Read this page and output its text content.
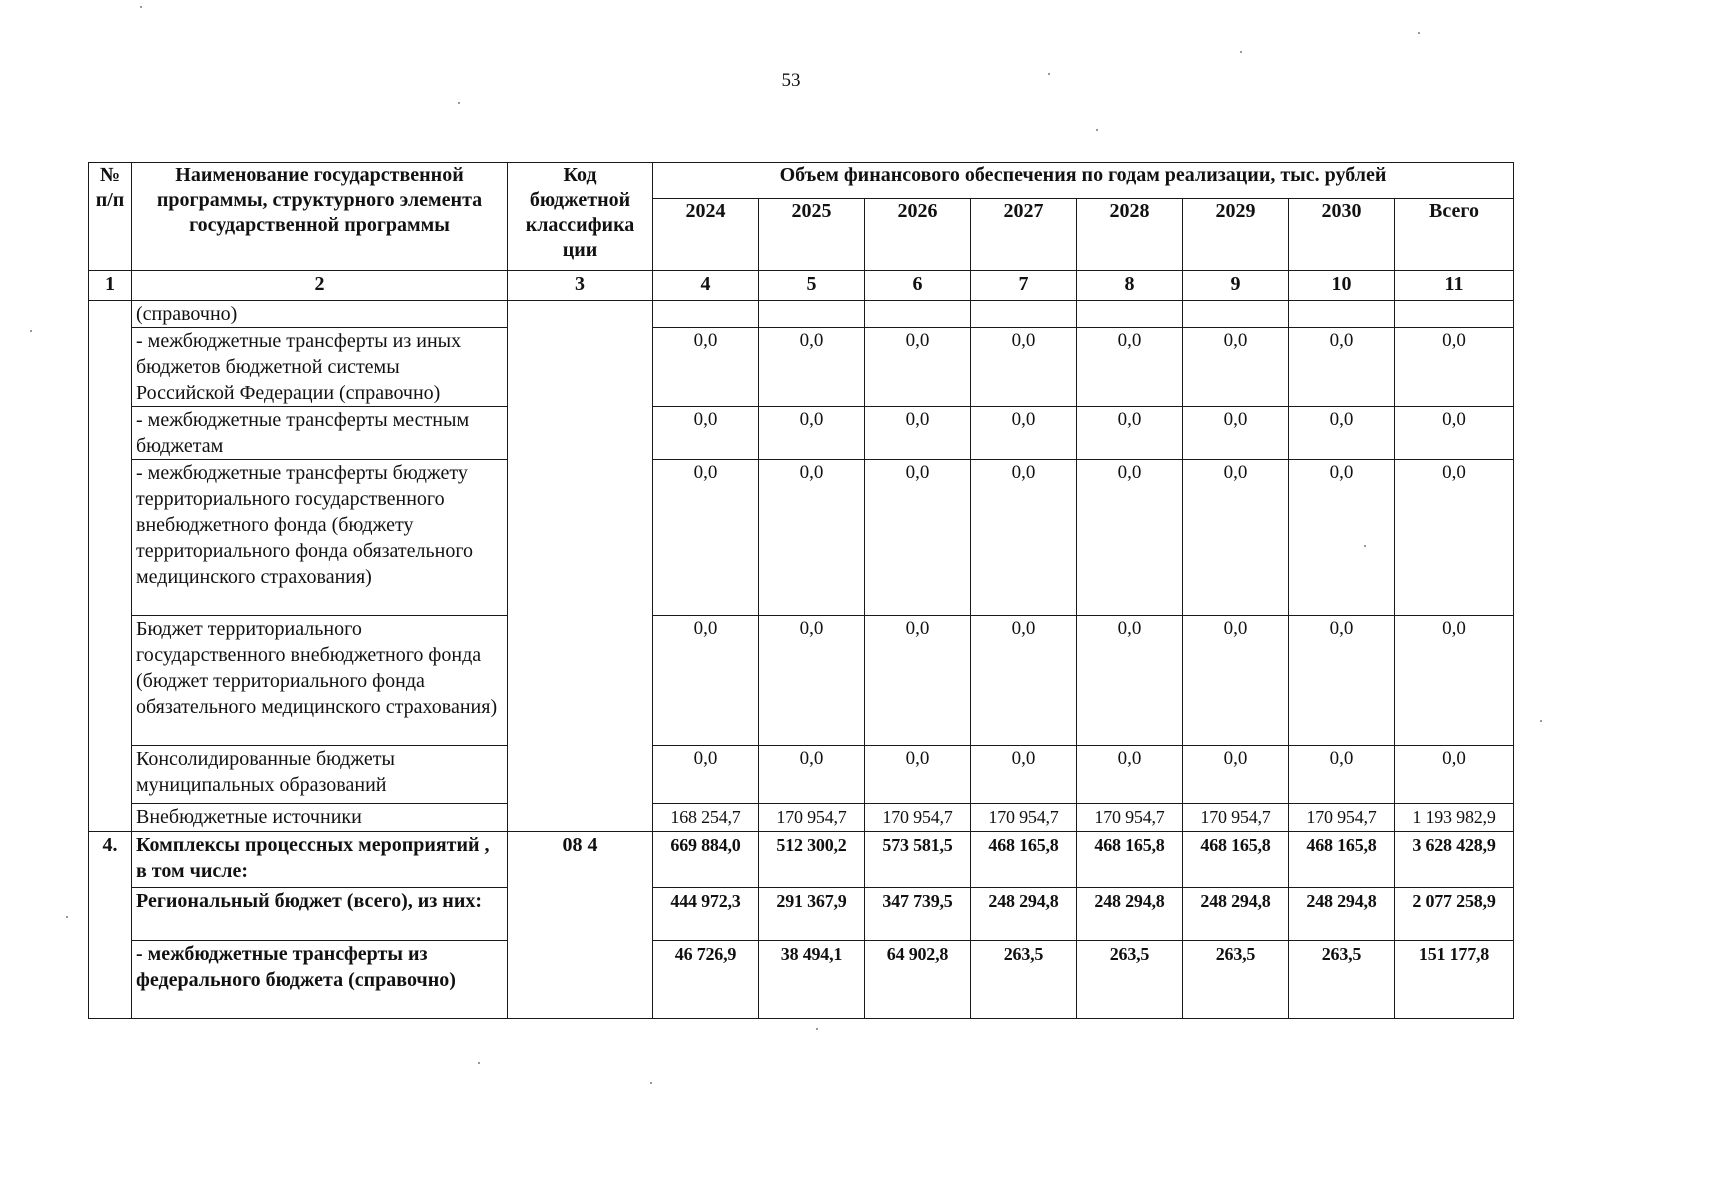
53
№ п/п	Наименование государственной программы, структурного элемента государственной программы	Код бюджетной классифика ции	Объем финансового обеспечения по годам реализации, тыс. рублей							
			2024	2025	2026	2027	2028	2029	2030	Всего
1	2	3	4	5	6	7	8	9	10	11
	(справочно)									
	- межбюджетные трансферты из иных бюджетов бюджетной системы Российской Федерации (справочно)		0,0	0,0	0,0	0,0	0,0	0,0	0,0	0,0
	- межбюджетные трансферты местным бюджетам		0,0	0,0	0,0	0,0	0,0	0,0	0,0	0,0
	- межбюджетные трансферты бюджету территориального государственного внебюджетного фонда (бюджету территориального фонда обязательного медицинского страхования)		0,0	0,0	0,0	0,0	0,0	0,0	0,0	0,0
	Бюджет территориального государственного внебюджетного фонда (бюджет территориального фонда обязательного медицинского страхования)		0,0	0,0	0,0	0,0	0,0	0,0	0,0	0,0
	Консолидированные бюджеты муниципальных образований		0,0	0,0	0,0	0,0	0,0	0,0	0,0	0,0
	Внебюджетные источники		168 254,7	170 954,7	170 954,7	170 954,7	170 954,7	170 954,7	170 954,7	1 193 982,9
4.	Комплексы процессных мероприятий , в том числе:	08 4	669 884,0	512 300,2	573 581,5	468 165,8	468 165,8	468 165,8	468 165,8	3 628 428,9
	Региональный бюджет (всего), из них:		444 972,3	291 367,9	347 739,5	248 294,8	248 294,8	248 294,8	248 294,8	2 077 258,9
	- межбюджетные трансферты из федерального бюджета (справочно)		46 726,9	38 494,1	64 902,8	263,5	263,5	263,5	263,5	151 177,8
